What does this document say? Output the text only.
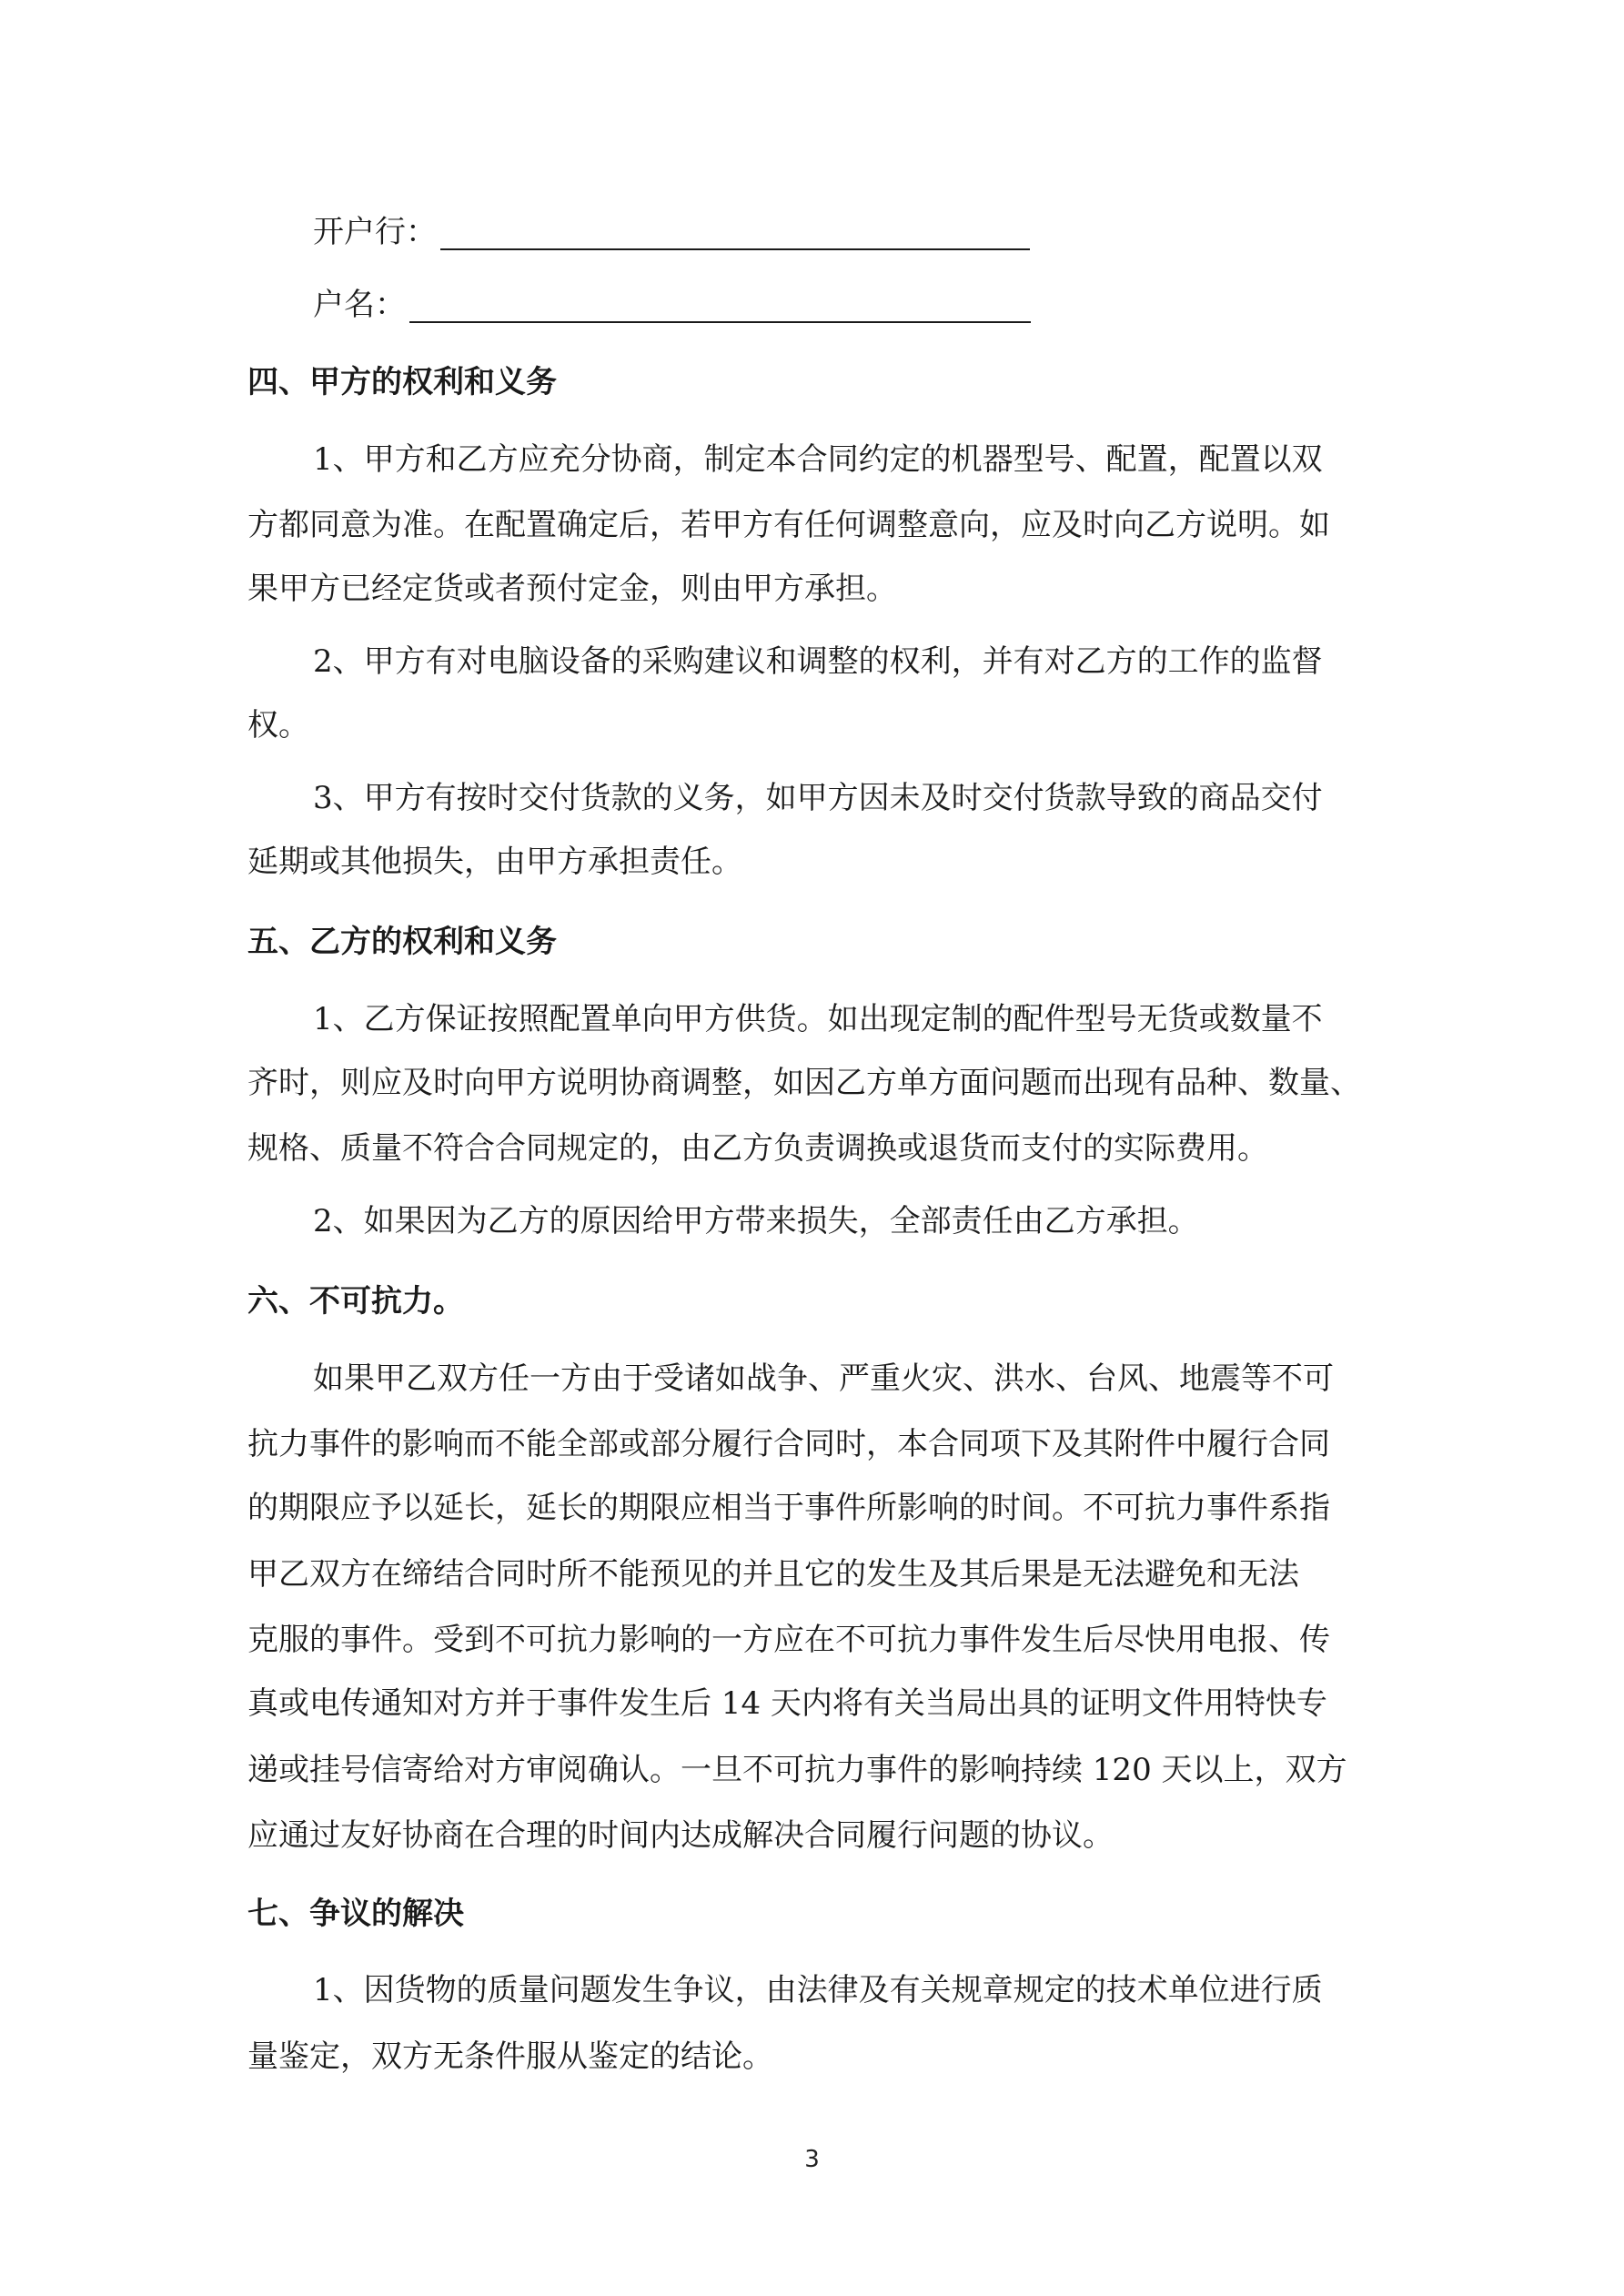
开户行：
户名：
四、甲方的权利和义务
1、甲方和乙方应充分协商，制定本合同约定的机器型号、配置，配置以双
方都同意为准。在配置确定后，若甲方有任何调整意向，应及时向乙方说明。如
果甲方已经定货或者预付定金，则由甲方承担。
2、甲方有对电脑设备的采购建议和调整的权利，并有对乙方的工作的监督
权。
3、甲方有按时交付货款的义务，如甲方因未及时交付货款导致的商品交付
延期或其他损失，由甲方承担责任。
五、乙方的权利和义务
1、乙方保证按照配置单向甲方供货。如出现定制的配件型号无货或数量不
齐时，则应及时向甲方说明协商调整，如因乙方单方面问题而出现有品种、数量、
规格、质量不符合合同规定的，由乙方负责调换或退货而支付的实际费用。
2、如果因为乙方的原因给甲方带来损失，全部责任由乙方承担。
六、不可抗力。
如果甲乙双方任一方由于受诸如战争、严重火灾、洪水、台风、地震等不可
抗力事件的影响而不能全部或部分履行合同时，本合同项下及其附件中履行合同
的期限应予以延长，延长的期限应相当于事件所影响的时间。不可抗力事件系指
甲乙双方在缔结合同时所不能预见的并且它的发生及其后果是无法避免和无法
克服的事件。受到不可抗力影响的一方应在不可抗力事件发生后尽快用电报、传
真或电传通知对方并于事件发生后 14 天内将有关当局出具的证明文件用特快专
递或挂号信寄给对方审阅确认。一旦不可抗力事件的影响持续 120 天以上，双方
应通过友好协商在合理的时间内达成解决合同履行问题的协议。
七、争议的解决
1、因货物的质量问题发生争议，由法律及有关规章规定的技术单位进行质
量鉴定，双方无条件服从鉴定的结论。
3
